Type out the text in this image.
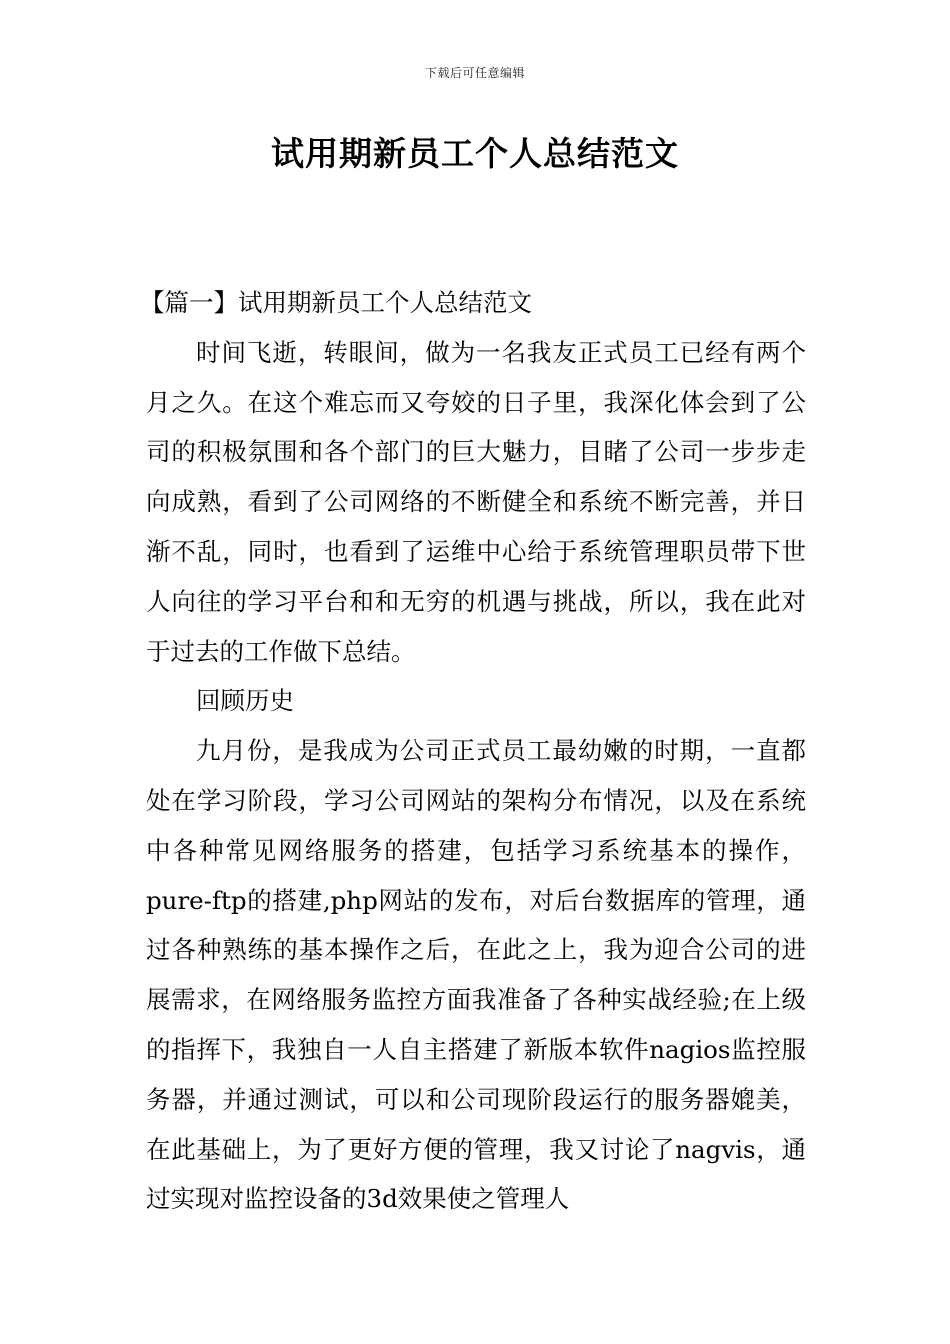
下载后可任意编辑
试用期新员工个人总结范文

【篇一】试用期新员工个人总结范文

时间飞逝，转眼间，做为一名我友正式员工已经有两个月之久。在这个难忘而又夸姣的日子里，我深化体会到了公司的积极氛围和各个部门的巨大魅力，目睹了公司一步步走向成熟，看到了公司网络的不断健全和系统不断完善，并日渐不乱，同时，也看到了运维中心给于系统管理职员带下世人向往的学习平台和和无穷的机遇与挑战，所以，我在此对于过去的工作做下总结。

回顾历史

九月份，是我成为公司正式员工最幼嫩的时期，一直都处在学习阶段，学习公司网站的架构分布情况，以及在系统中各种常见网络服务的搭建，包括学习系统基本的操作，pure-ftp的搭建,php网站的发布，对后台数据库的管理，通过各种熟练的基本操作之后，在此之上，我为迎合公司的进展需求，在网络服务监控方面我准备了各种实战经验;在上级的指挥下，我独自一人自主搭建了新版本软件nagios监控服务器，并通过测试，可以和公司现阶段运行的服务器媲美，在此基础上，为了更好方便的管理，我又讨论了nagvis，通过实现对监控设备的3d效果使之管理人
